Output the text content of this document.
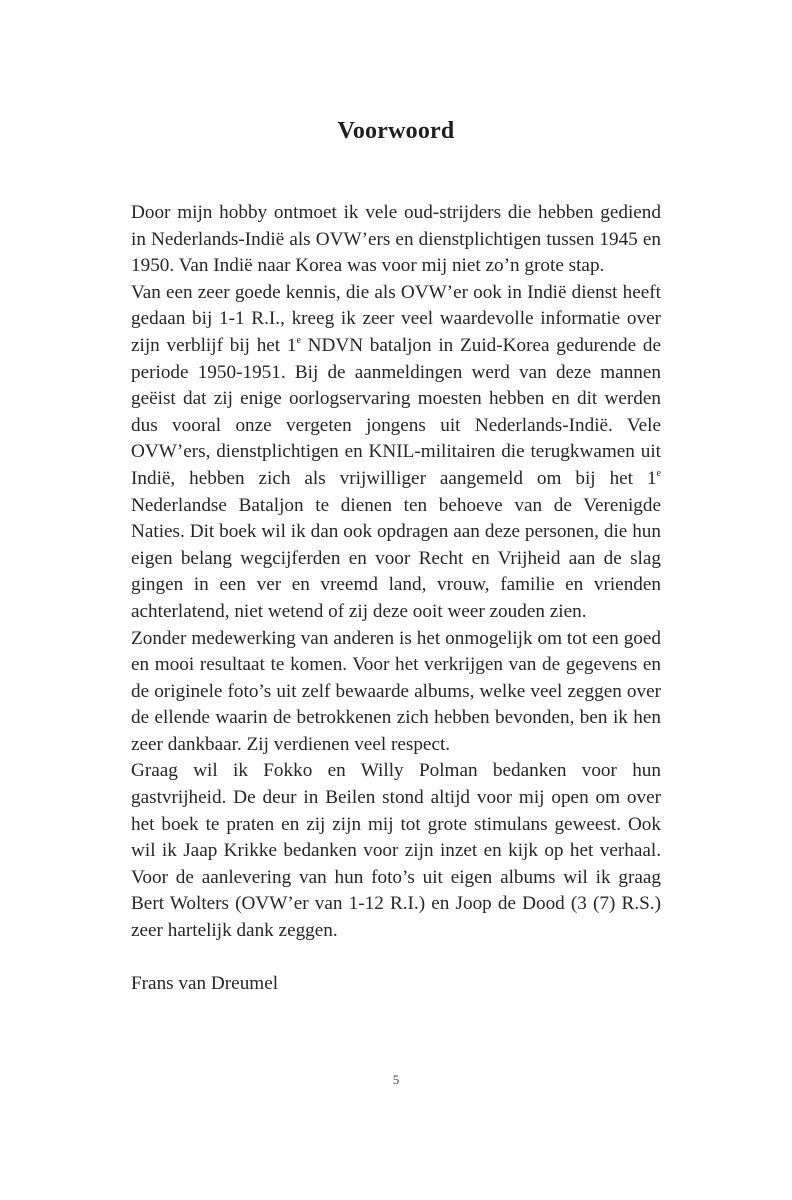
Voorwoord

Door mijn hobby ontmoet ik vele oud-strijders die hebben gediend in Nederlands-Indië als OVW’ers en dienstplichtigen tussen 1945 en 1950. Van Indië naar Korea was voor mij niet zo’n grote stap.

Van een zeer goede kennis, die als OVW’er ook in Indië dienst heeft gedaan bij 1-1 R.I., kreeg ik zeer veel waardevolle informatie over zijn verblijf bij het 1e NDVN bataljon in Zuid-Korea gedurende de periode 1950-1951. Bij de aanmeldingen werd van deze mannen geëist dat zij enige oorlogservaring moesten hebben en dit werden dus vooral onze vergeten jongens uit Nederlands-Indië. Vele OVW’ers, dienstplichtigen en KNIL-militairen die terugkwamen uit Indië, hebben zich als vrijwilliger aangemeld om bij het 1e Nederlandse Bataljon te dienen ten behoeve van de Verenigde Naties. Dit boek wil ik dan ook opdragen aan deze personen, die hun eigen belang wegcijferden en voor Recht en Vrijheid aan de slag gingen in een ver en vreemd land, vrouw, familie en vrienden achterlatend, niet wetend of zij deze ooit weer zouden zien.

Zonder medewerking van anderen is het onmogelijk om tot een goed en mooi resultaat te komen. Voor het verkrijgen van de gegevens en de originele foto’s uit zelf bewaarde albums, welke veel zeggen over de ellende waarin de betrokkenen zich hebben bevonden, ben ik hen zeer dankbaar. Zij verdienen veel respect.

Graag wil ik Fokko en Willy Polman bedanken voor hun gastvrijheid. De deur in Beilen stond altijd voor mij open om over het boek te praten en zij zijn mij tot grote stimulans geweest. Ook wil ik Jaap Krikke bedanken voor zijn inzet en kijk op het verhaal. Voor de aanlevering van hun foto’s uit eigen albums wil ik graag Bert Wolters (OVW’er van 1-12 R.I.) en Joop de Dood (3 (7) R.S.) zeer hartelijk dank zeggen.

Frans van Dreumel

5
